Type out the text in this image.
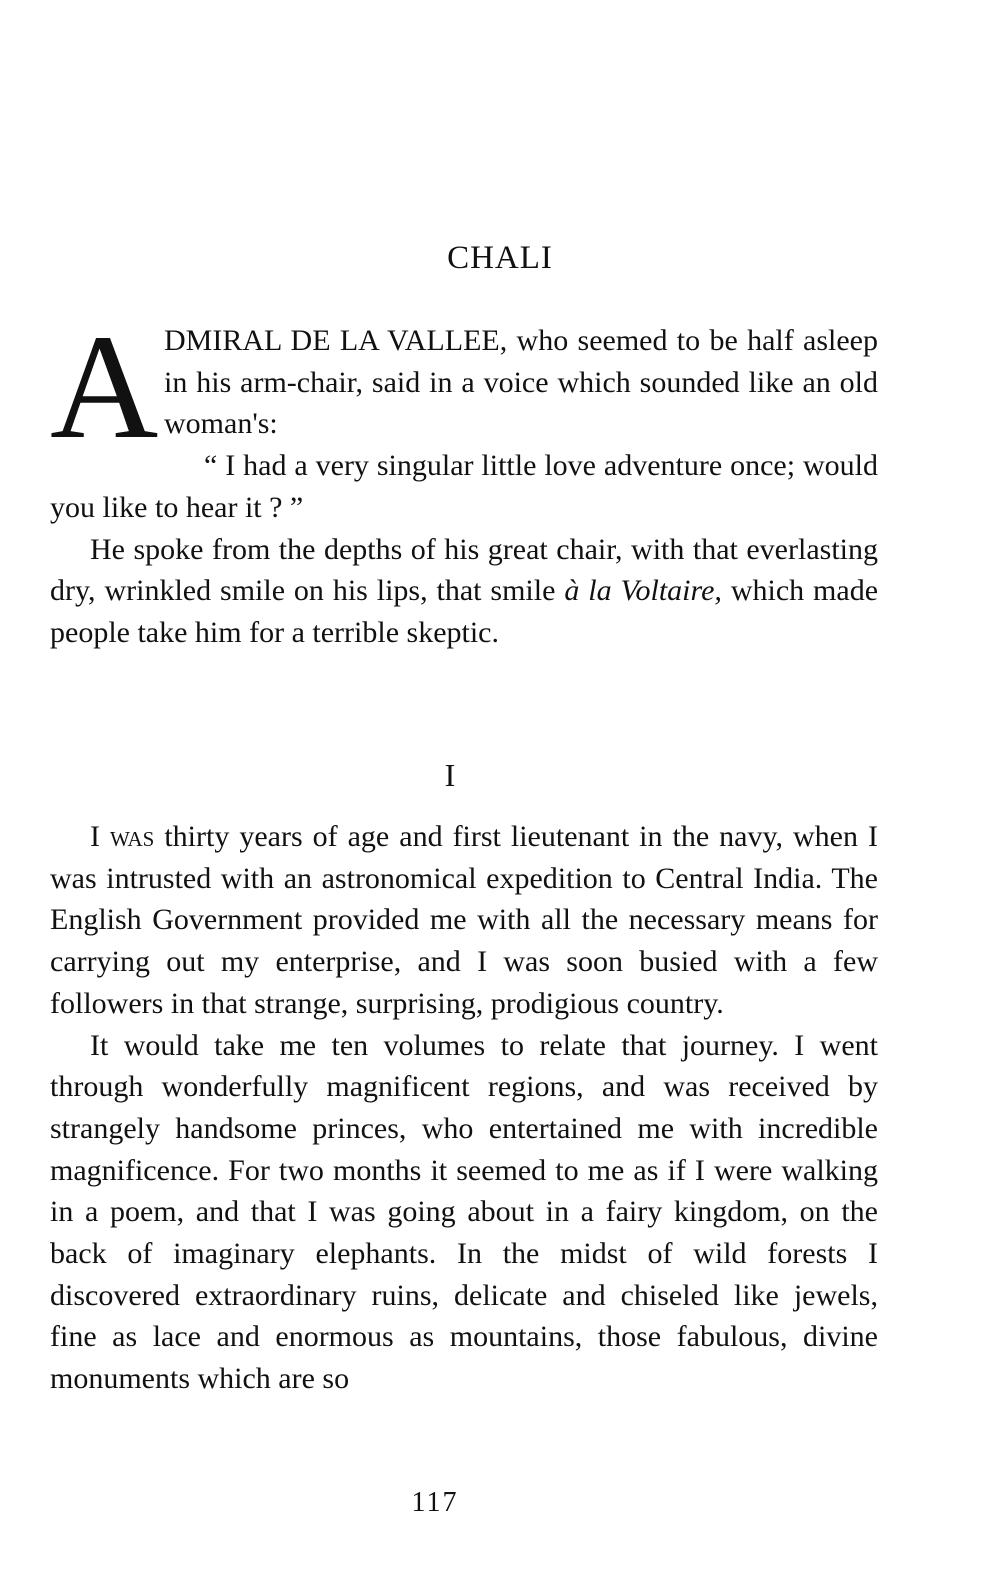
CHALI

ADMIRAL DE LA VALLEE, who seemed to be half asleep in his arm-chair, said in a voice which sounded like an old woman's:

“ I had a very singular little love adventure once; would you like to hear it ? ”

He spoke from the depths of his great chair, with that everlasting dry, wrinkled smile on his lips, that smile à la Voltaire, which made people take him for a terrible skeptic.

I

I was thirty years of age and first lieutenant in the navy, when I was intrusted with an astronomical expedition to Central India. The English Government provided me with all the necessary means for carrying out my enterprise, and I was soon busied with a few followers in that strange, surprising, prodigious country.

It would take me ten volumes to relate that journey. I went through wonderfully magnificent regions, and was received by strangely handsome princes, who entertained me with incredible magnificence. For two months it seemed to me as if I were walking in a poem, and that I was going about in a fairy kingdom, on the back of imaginary elephants. In the midst of wild forests I discovered extraordinary ruins, delicate and chiseled like jewels, fine as lace and enormous as mountains, those fabulous, divine monuments which are so

117
